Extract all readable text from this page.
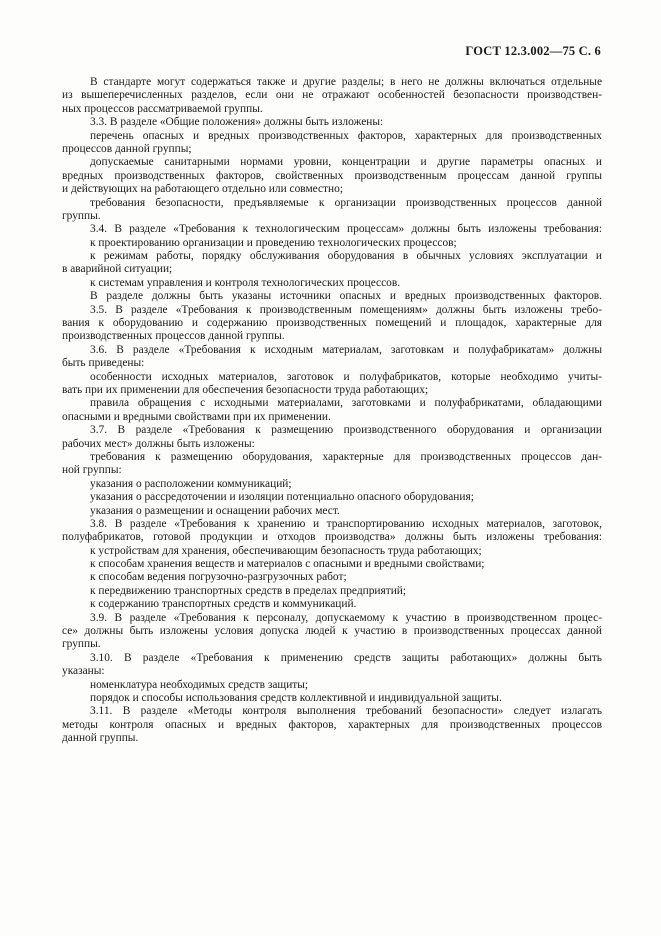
ГОСТ 12.3.002—75 С. 6
В стандарте могут содержаться также и другие разделы; в него не должны включаться отдельные
из вышеперечисленных разделов, если они не отражают особенностей безопасности производствен-
ных процессов рассматриваемой группы.
3.3. В разделе «Общие положения» должны быть изложены:
перечень опасных и вредных производственных факторов, характерных для производственных
процессов данной группы;
допускаемые санитарными нормами уровни, концентрации и другие параметры опасных и
вредных производственных факторов, свойственных производственным процессам данной группы
и действующих на работающего отдельно или совместно;
требования безопасности, предъявляемые к организации производственных процессов данной
группы.
3.4. В разделе «Требования к технологическим процессам» должны быть изложены требования:
к проектированию организации и проведению технологических процессов;
к режимам работы, порядку обслуживания оборудования в обычных условиях эксплуатации и
в аварийной ситуации;
к системам управления и контроля технологических процессов.
В разделе должны быть указаны источники опасных и вредных производственных факторов.
3.5. В разделе «Требования к производственным помещениям» должны быть изложены требо-
вания к оборудованию и содержанию производственных помещений и площадок, характерные для
производственных процессов данной группы.
3.6. В разделе «Требования к исходным материалам, заготовкам и полуфабрикатам» должны
быть приведены:
особенности исходных материалов, заготовок и полуфабрикатов, которые необходимо учиты-
вать при их применении для обеспечения безопасности труда работающих;
правила обращения с исходными материалами, заготовками и полуфабрикатами, обладающими
опасными и вредными свойствами при их применении.
3.7. В разделе «Требования к размещению производственного оборудования и организации
рабочих мест» должны быть изложены:
требования к размещению оборудования, характерные для производственных процессов дан-
ной группы:
указания о расположении коммуникаций;
указания о рассредоточении и изоляции потенциально опасного оборудования;
указания о размещении и оснащении рабочих мест.
3.8. В разделе «Требования к хранению и транспортированию исходных материалов, заготовок,
полуфабрикатов, готовой продукции и отходов производства» должны быть изложены требования:
к устройствам для хранения, обеспечивающим безопасность труда работающих;
к способам хранения веществ и материалов с опасными и вредными свойствами;
к способам ведения погрузочно-разгрузочных работ;
к передвижению транспортных средств в пределах предприятий;
к содержанию транспортных средств и коммуникаций.
3.9. В разделе «Требования к персоналу, допускаемому к участию в производственном процес-
се» должны быть изложены условия допуска людей к участию в производственных процессах данной
группы.
3.10. В разделе «Требования к применению средств защиты работающих» должны быть
указаны:
номенклатура необходимых средств защиты;
порядок и способы использования средств коллективной и индивидуальной защиты.
3.11. В разделе «Методы контроля выполнения требований безопасности» следует излагать
методы контроля опасных и вредных факторов, характерных для производственных процессов
данной группы.
